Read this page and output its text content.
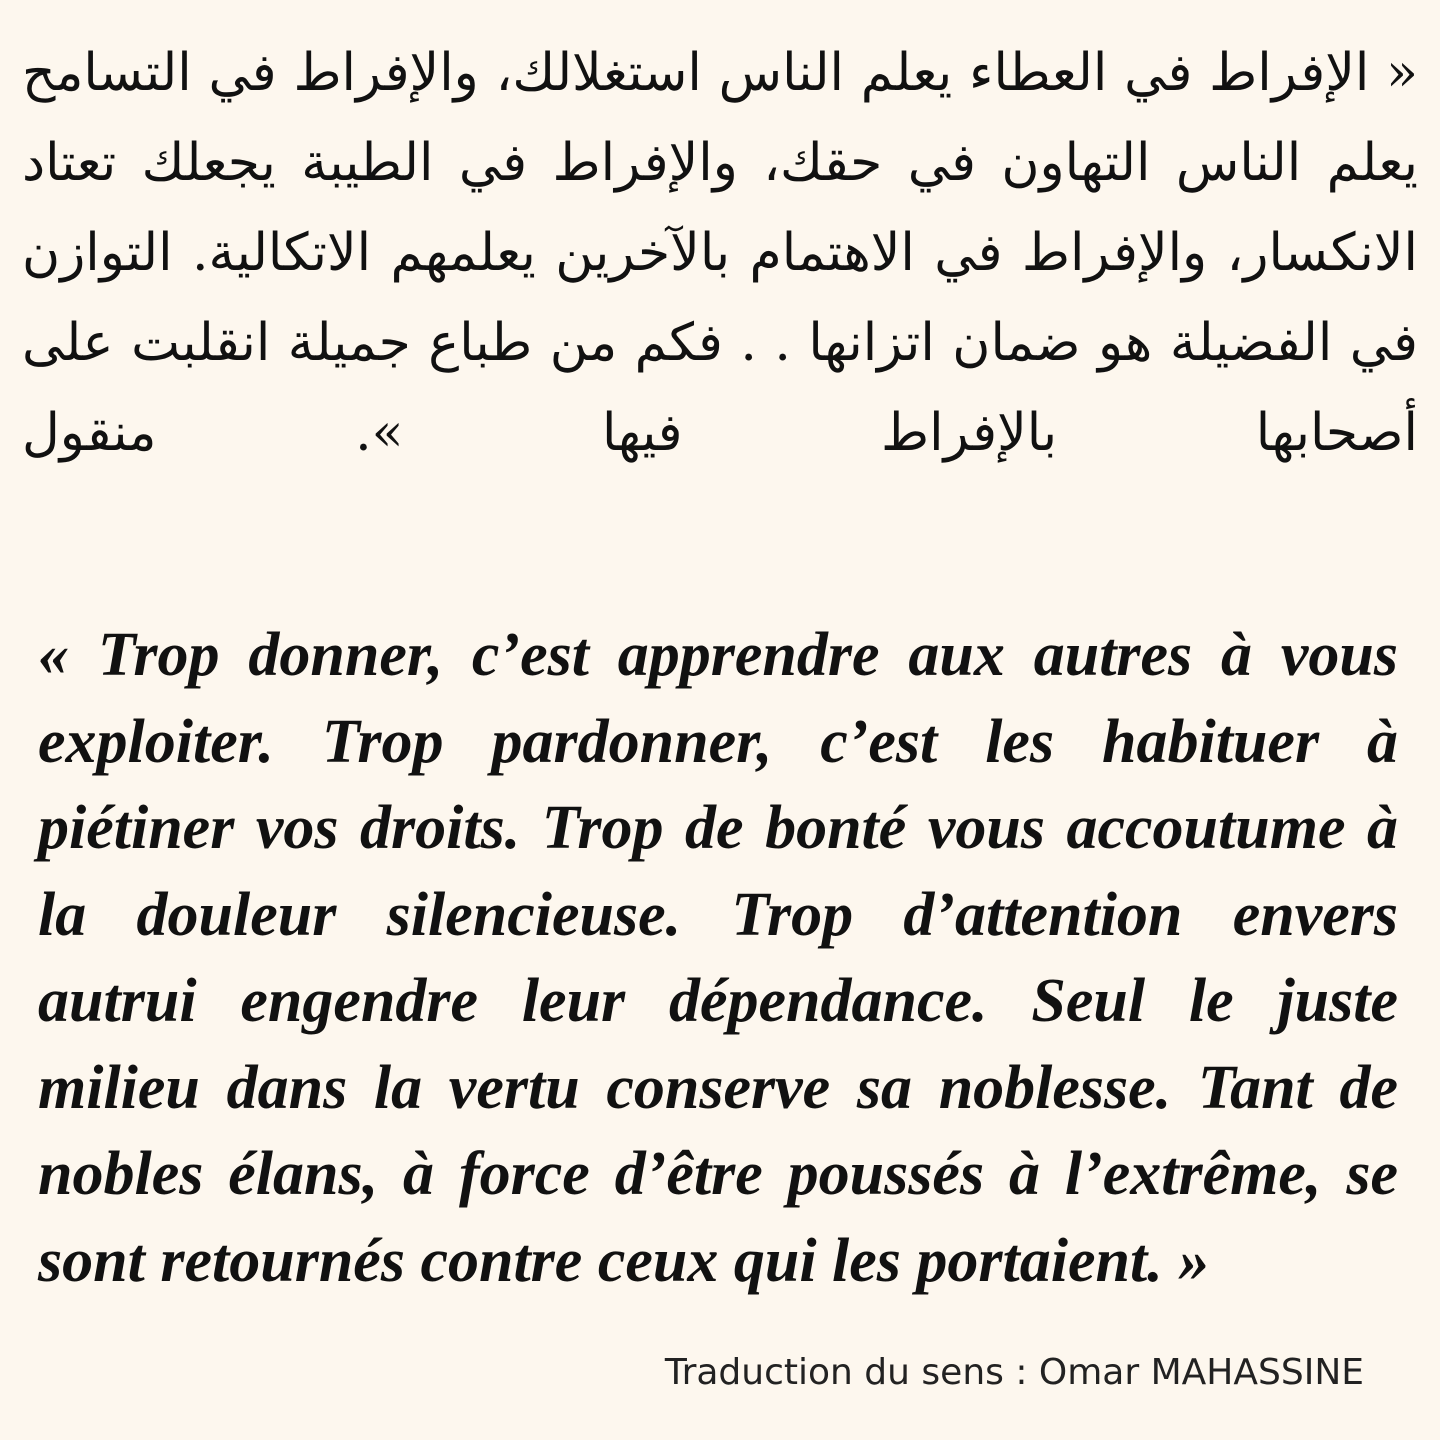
« الإفراط في العطاء يعلم الناس استغلالك، والإفراط في التسامح يعلم الناس التهاون في حقك، والإفراط في الطيبة يجعلك تعتاد الانكسار، والإفراط في الاهتمام بالآخرين يعلمهم الاتكالية. التوازن في الفضيلة هو ضمان اتزانها . . فكم من طباع جميلة انقلبت على أصحابها بالإفراط فيها ». منقول

« Trop donner, c’est apprendre aux autres à vous exploiter. Trop pardonner, c’est les habituer à piétiner vos droits. Trop de bonté vous accoutume à la douleur silencieuse. Trop d’attention envers autrui engendre leur dépendance. Seul le juste milieu dans la vertu conserve sa noblesse. Tant de nobles élans, à force d’être poussés à l’extrême, se sont retournés contre ceux qui les portaient. »

Traduction du sens : Omar MAHASSINE
